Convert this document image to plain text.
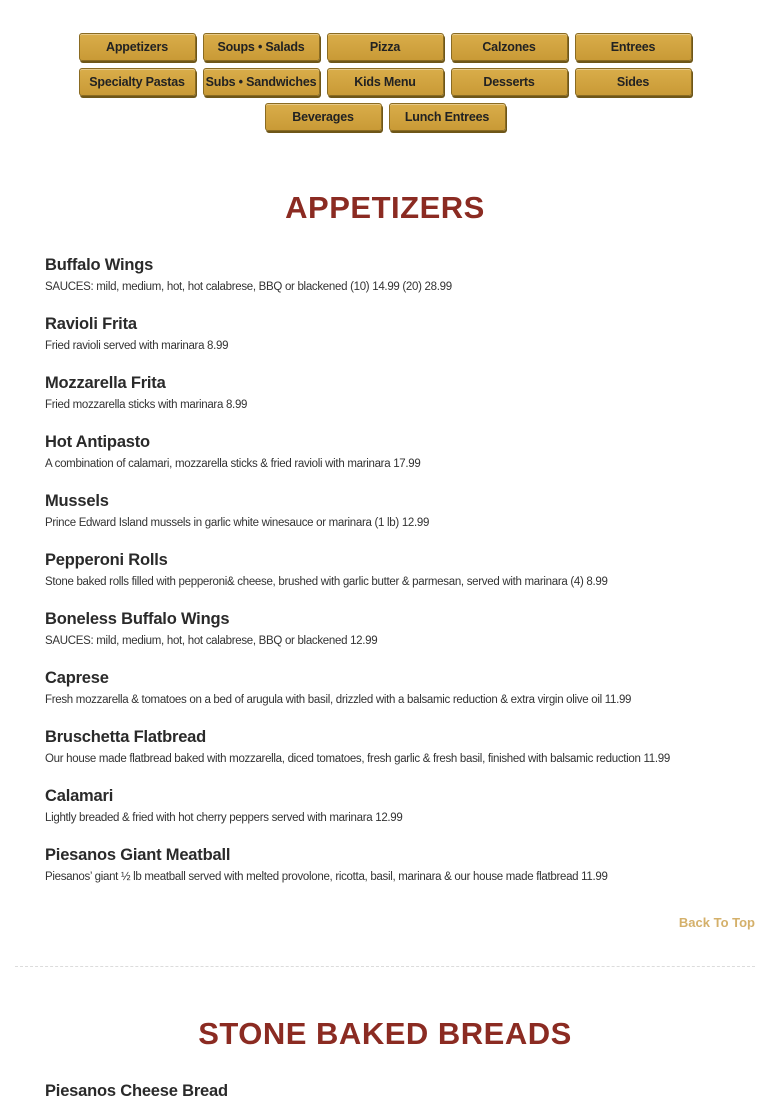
Appetizers	Soups • Salads	Pizza	Calzones	Entrees
Specialty Pastas	Subs • Sandwiches	Kids Menu	Desserts	Sides
Beverages	Lunch Entrees
APPETIZERS

Buffalo Wings

SAUCES: mild, medium, hot, hot calabrese, BBQ or blackened (10) 14.99 (20) 28.99

Ravioli Frita

Fried ravioli served with marinara 8.99

Mozzarella Frita

Fried mozzarella sticks with marinara 8.99

Hot Antipasto

A combination of calamari, mozzarella sticks & fried ravioli with marinara 17.99

Mussels

Prince Edward Island mussels in garlic white winesauce or marinara (1 lb) 12.99

Pepperoni Rolls

Stone baked rolls filled with pepperoni& cheese, brushed with garlic butter & parmesan, served with marinara (4) 8.99

Boneless Buffalo Wings

SAUCES: mild, medium, hot, hot calabrese, BBQ or blackened 12.99

Caprese

Fresh mozzarella & tomatoes on a bed of arugula with basil, drizzled with a balsamic reduction & extra virgin olive oil 11.99

Bruschetta Flatbread

Our house made flatbread baked with mozzarella, diced tomatoes, fresh garlic & fresh basil, finished with balsamic reduction 11.99

Calamari

Lightly breaded & fried with hot cherry peppers served with marinara 12.99

Piesanos Giant Meatball

Piesanos’ giant ½ lb meatball served with melted provolone, ricotta, basil, marinara & our house made flatbread 11.99

Back To Top
STONE BAKED BREADS

Piesanos Cheese Bread
